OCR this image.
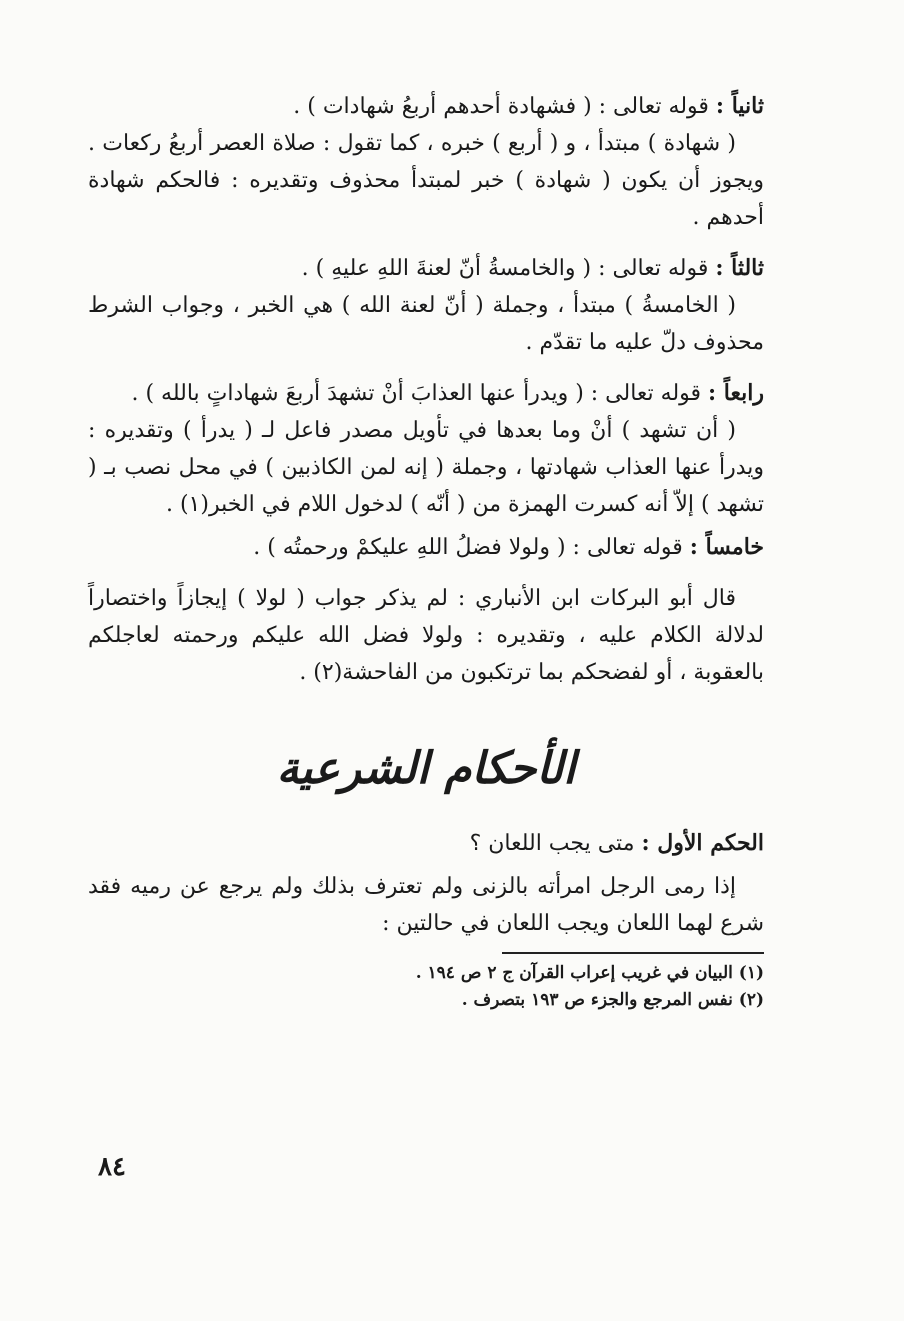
ثانياً : قوله تعالى : ( فشهادة أحدهم أربعُ شهادات ) .

( شهادة ) مبتدأ ، و ( أربع ) خبره ، كما تقول : صلاة العصر أربعُ ركعات . ويجوز أن يكون ( شهادة ) خبر لمبتدأ محذوف وتقديره : فالحكم شهادة أحدهم .

ثالثاً : قوله تعالى : ( والخامسةُ أنّ لعنةَ اللهِ عليهِ ) .

( الخامسةُ ) مبتدأ ، وجملة ( أنّ لعنة الله ) هي الخبر ، وجواب الشرط محذوف دلّ عليه ما تقدّم .

رابعاً : قوله تعالى : ( ويدرأ عنها العذابَ أنْ تشهدَ أربعَ شهاداتٍ بالله ) .

( أن تشهد ) أنْ وما بعدها في تأويل مصدر فاعل لـ ( يدرأ ) وتقديره : ويدرأ عنها العذاب شهادتها ، وجملة ( إنه لمن الكاذبين ) في محل نصب بـ ( تشهد ) إلاّ أنه كسرت الهمزة من ( أنّه ) لدخول اللام في الخبر(١) .

خامساً : قوله تعالى : ( ولولا فضلُ اللهِ عليكمْ ورحمتُه ) .

قال أبو البركات ابن الأنباري : لم يذكر جواب ( لولا ) إيجازاً واختصاراً لدلالة الكلام عليه ، وتقديره : ولولا فضل الله عليكم ورحمته لعاجلكم بالعقوبة ، أو لفضحكم بما ترتكبون من الفاحشة(٢) .

الأحكام الشرعية

الحكم الأول : متى يجب اللعان ؟

إذا رمى الرجل امرأته بالزنى ولم تعترف بذلك ولم يرجع عن رميه فقد شرع لهما اللعان ويجب اللعان في حالتين :

(١) البيان في غريب إعراب القرآن ج ٢ ص ١٩٤ .

(٢) نفس المرجع والجزء ص ١٩٣ بتصرف .

٨٤
